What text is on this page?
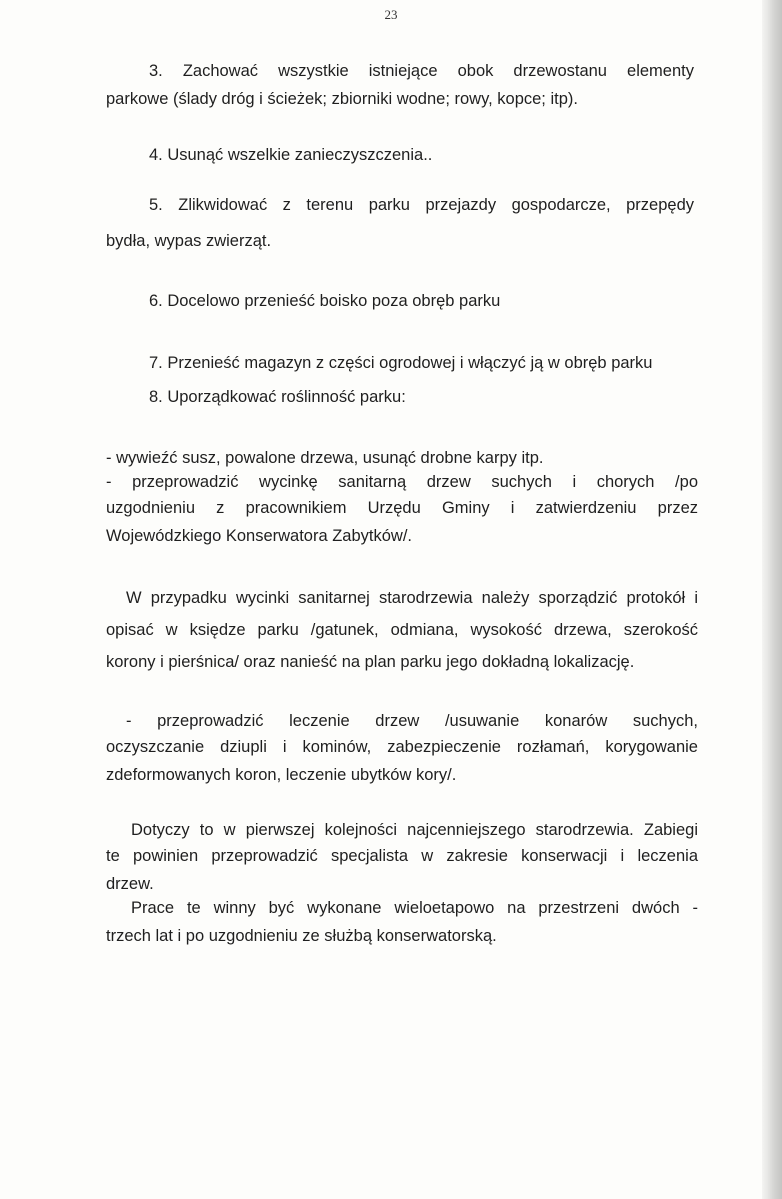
23
3. Zachować wszystkie istniejące obok drzewostanu elementy
parkowe (ślady dróg i ścieżek; zbiorniki wodne; rowy, kopce; itp).
4. Usunąć wszelkie zanieczyszczenia..
5. Zlikwidować z terenu parku przejazdy gospodarcze, przepędy
bydła, wypas zwierząt.
6. Docelowo przenieść boisko poza obręb parku
7. Przenieść magazyn z części ogrodowej i włączyć ją w obręb parku
8. Uporządkować roślinność parku:
- wywieźć susz, powalone drzewa, usunąć drobne karpy itp.
- przeprowadzić wycinkę sanitarną drzew suchych i chorych /po
uzgodnieniu z pracownikiem Urzędu Gminy i zatwierdzeniu przez
Wojewódzkiego Konserwatora Zabytków/.
W przypadku wycinki sanitarnej starodrzewia należy sporządzić protokół i
opisać w księdze parku /gatunek, odmiana, wysokość drzewa, szerokość
korony i pierśnica/ oraz nanieść na plan parku jego dokładną lokalizację.
- przeprowadzić leczenie drzew /usuwanie konarów suchych,
oczyszczanie dziupli i kominów, zabezpieczenie rozłamań, korygowanie
zdeformowanych koron, leczenie ubytków kory/.
Dotyczy to w pierwszej kolejności najcenniejszego starodrzewia. Zabiegi
te powinien przeprowadzić specjalista w zakresie konserwacji i leczenia
drzew.
Prace te winny być wykonane wieloetapowo na przestrzeni dwóch -
trzech lat i po uzgodnieniu ze służbą konserwatorską.
